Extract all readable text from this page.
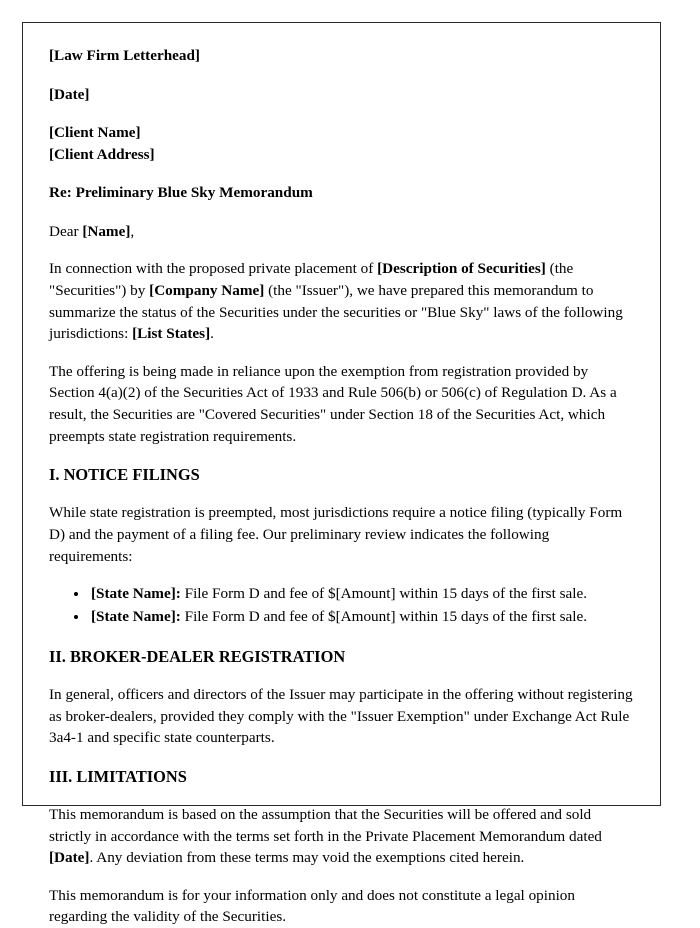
[Law Firm Letterhead]

[Date]

[Client Name]

[Client Address]

Re: Preliminary Blue Sky Memorandum

Dear [Name],

In connection with the proposed private placement of [Description of Securities] (the "Securities") by [Company Name] (the "Issuer"), we have prepared this memorandum to summarize the status of the Securities under the securities or "Blue Sky" laws of the following jurisdictions: [List States].

The offering is being made in reliance upon the exemption from registration provided by Section 4(a)(2) of the Securities Act of 1933 and Rule 506(b) or 506(c) of Regulation D. As a result, the Securities are "Covered Securities" under Section 18 of the Securities Act, which preempts state registration requirements.

I. NOTICE FILINGS

While state registration is preempted, most jurisdictions require a notice filing (typically Form D) and the payment of a filing fee. Our preliminary review indicates the following requirements:

• [State Name]: File Form D and fee of $[Amount] within 15 days of the first sale.
• [State Name]: File Form D and fee of $[Amount] within 15 days of the first sale.
II. BROKER-DEALER REGISTRATION

In general, officers and directors of the Issuer may participate in the offering without registering as broker-dealers, provided they comply with the "Issuer Exemption" under Exchange Act Rule 3a4-1 and specific state counterparts.

III. LIMITATIONS

This memorandum is based on the assumption that the Securities will be offered and sold strictly in accordance with the terms set forth in the Private Placement Memorandum dated [Date]. Any deviation from these terms may void the exemptions cited herein.

This memorandum is for your information only and does not constitute a legal opinion regarding the validity of the Securities.
